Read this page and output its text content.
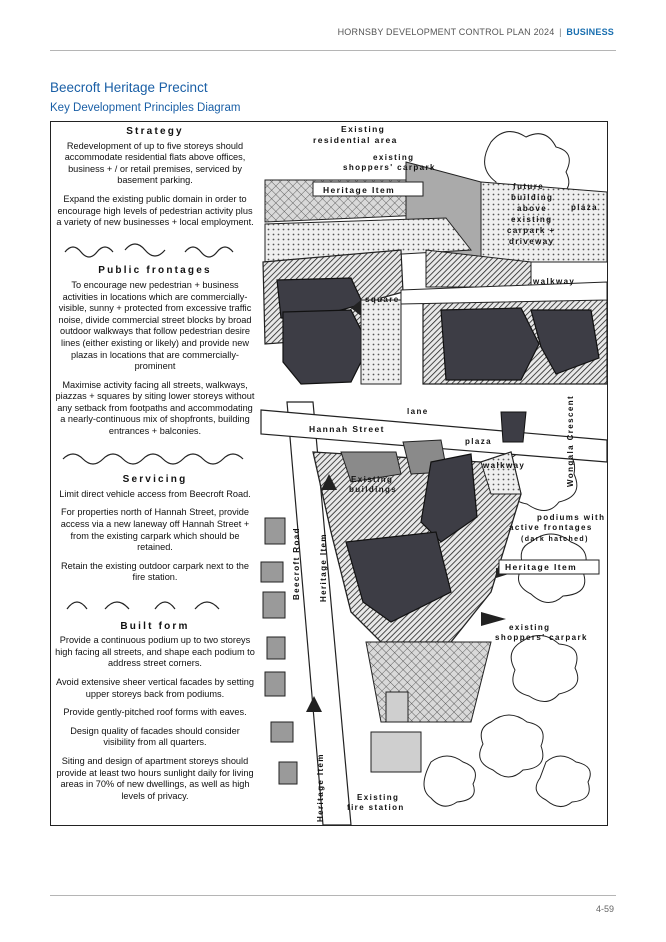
HORNSBY DEVELOPMENT CONTROL PLAN 2024 | BUSINESS
Beecroft Heritage Precinct
Key Development Principles Diagram
Existing
residential area
existing
shoppers' carpark
Heritage Item	future
building
above
existing
carpark +
driveway
plaza
walkway
square
lane
Hannah Street
plaza
walkway	Wongala Crescent
Existing
buildings
podiums with
active frontages
(dark hatched)
Beecroft Road Heritage Item	Heritage Item
existing
shoppers' carpark
Heritage Item	Existing
fire station
Strategy

Redevelopment of up to five storeys should accommodate residential flats above offices, business + / or retail premises, serviced by basement parking.

Expand the existing public domain in order to encourage high levels of pedestrian activity plus a variety of new businesses + local employment.

Public frontages

To encourage new pedestrian + business activities in locations which are commercially-visible, sunny + protected from excessive traffic noise, divide commercial street blocks by broad outdoor walkways that follow pedestrian desire lines (either existing or likely) and provide new plazas in locations that are commercially-prominent

Maximise activity facing all streets, walkways, piazzas + squares by siting lower storeys without any setback from footpaths and accommodating a nearly-continuous mix of shopfronts, building entrances + balconies.

Servicing

Limit direct vehicle access from Beecroft Road.

For properties north of Hannah Street, provide access via a new laneway off Hannah Street + from the existing carpark which should be retained.

Retain the existing outdoor carpark next to the fire station.

Built form

Provide a continuous podium up to two storeys high facing all streets, and shape each podium to address street corners.

Avoid extensive sheer vertical facades by setting upper storeys back from podiums.

Provide gently-pitched roof forms with eaves.

Design quality of facades should consider visibility from all quarters.

Siting and design of apartment storeys should provide at least two hours sunlight daily for living areas in 70% of new dwellings, as well as high levels of privacy.

4-59
